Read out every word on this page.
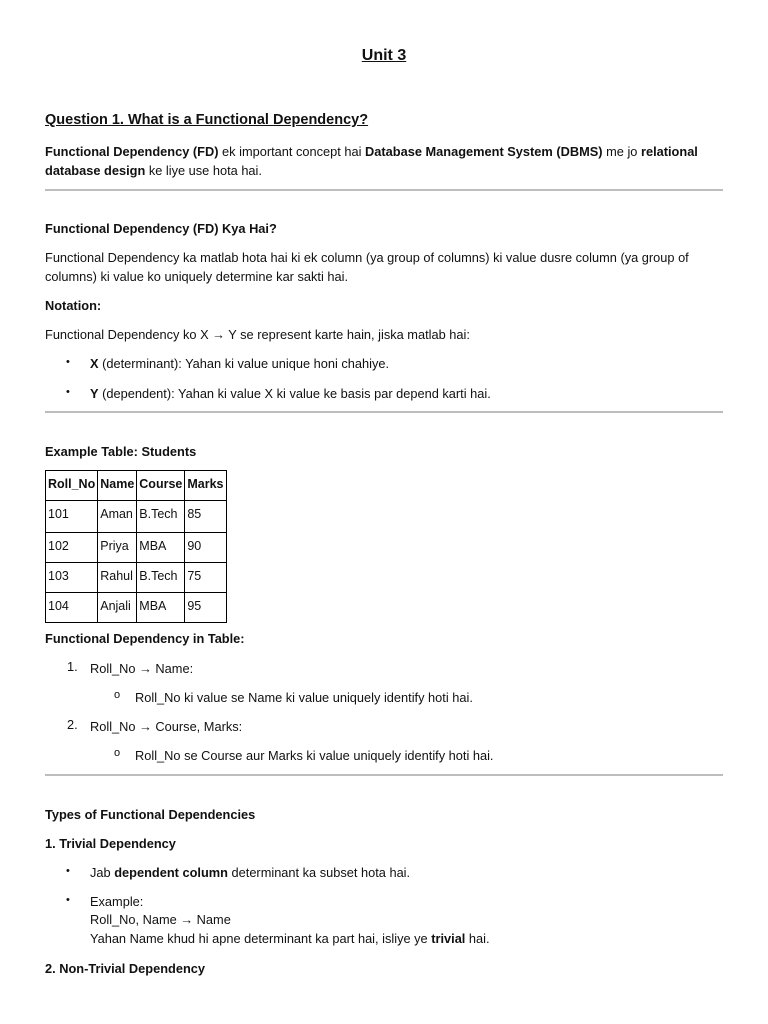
Unit 3
Question 1. What is a Functional Dependency?
Functional Dependency (FD) ek important concept hai Database Management System (DBMS) me jo relational
database design ke liye use hota hai.
Functional Dependency (FD) Kya Hai?
Functional Dependency ka matlab hota hai ki ek column (ya group of columns) ki value dusre column (ya group of
columns) ki value ko uniquely determine kar sakti hai.
Notation:
Functional Dependency ko X → Y se represent karte hain, jiska matlab hai:
• X (determinant): Yahan ki value unique honi chahiye.
• Y (dependent): Yahan ki value X ki value ke basis par depend karti hai.
Example Table: Students
Roll_No	Name	Course	Marks
101	Aman	B.Tech	85
102	Priya	MBA	90
103	Rahul	B.Tech	75
104	Anjali	MBA	95
Functional Dependency in Table:
1. Roll_No → Name:
o Roll_No ki value se Name ki value uniquely identify hoti hai.
2. Roll_No → Course, Marks:
o Roll_No se Course aur Marks ki value uniquely identify hoti hai.
Types of Functional Dependencies
1. Trivial Dependency
• Jab dependent column determinant ka subset hota hai.
• Example:
Roll_No, Name → Name
Yahan Name khud hi apne determinant ka part hai, isliye ye trivial hai.
2. Non-Trivial Dependency
